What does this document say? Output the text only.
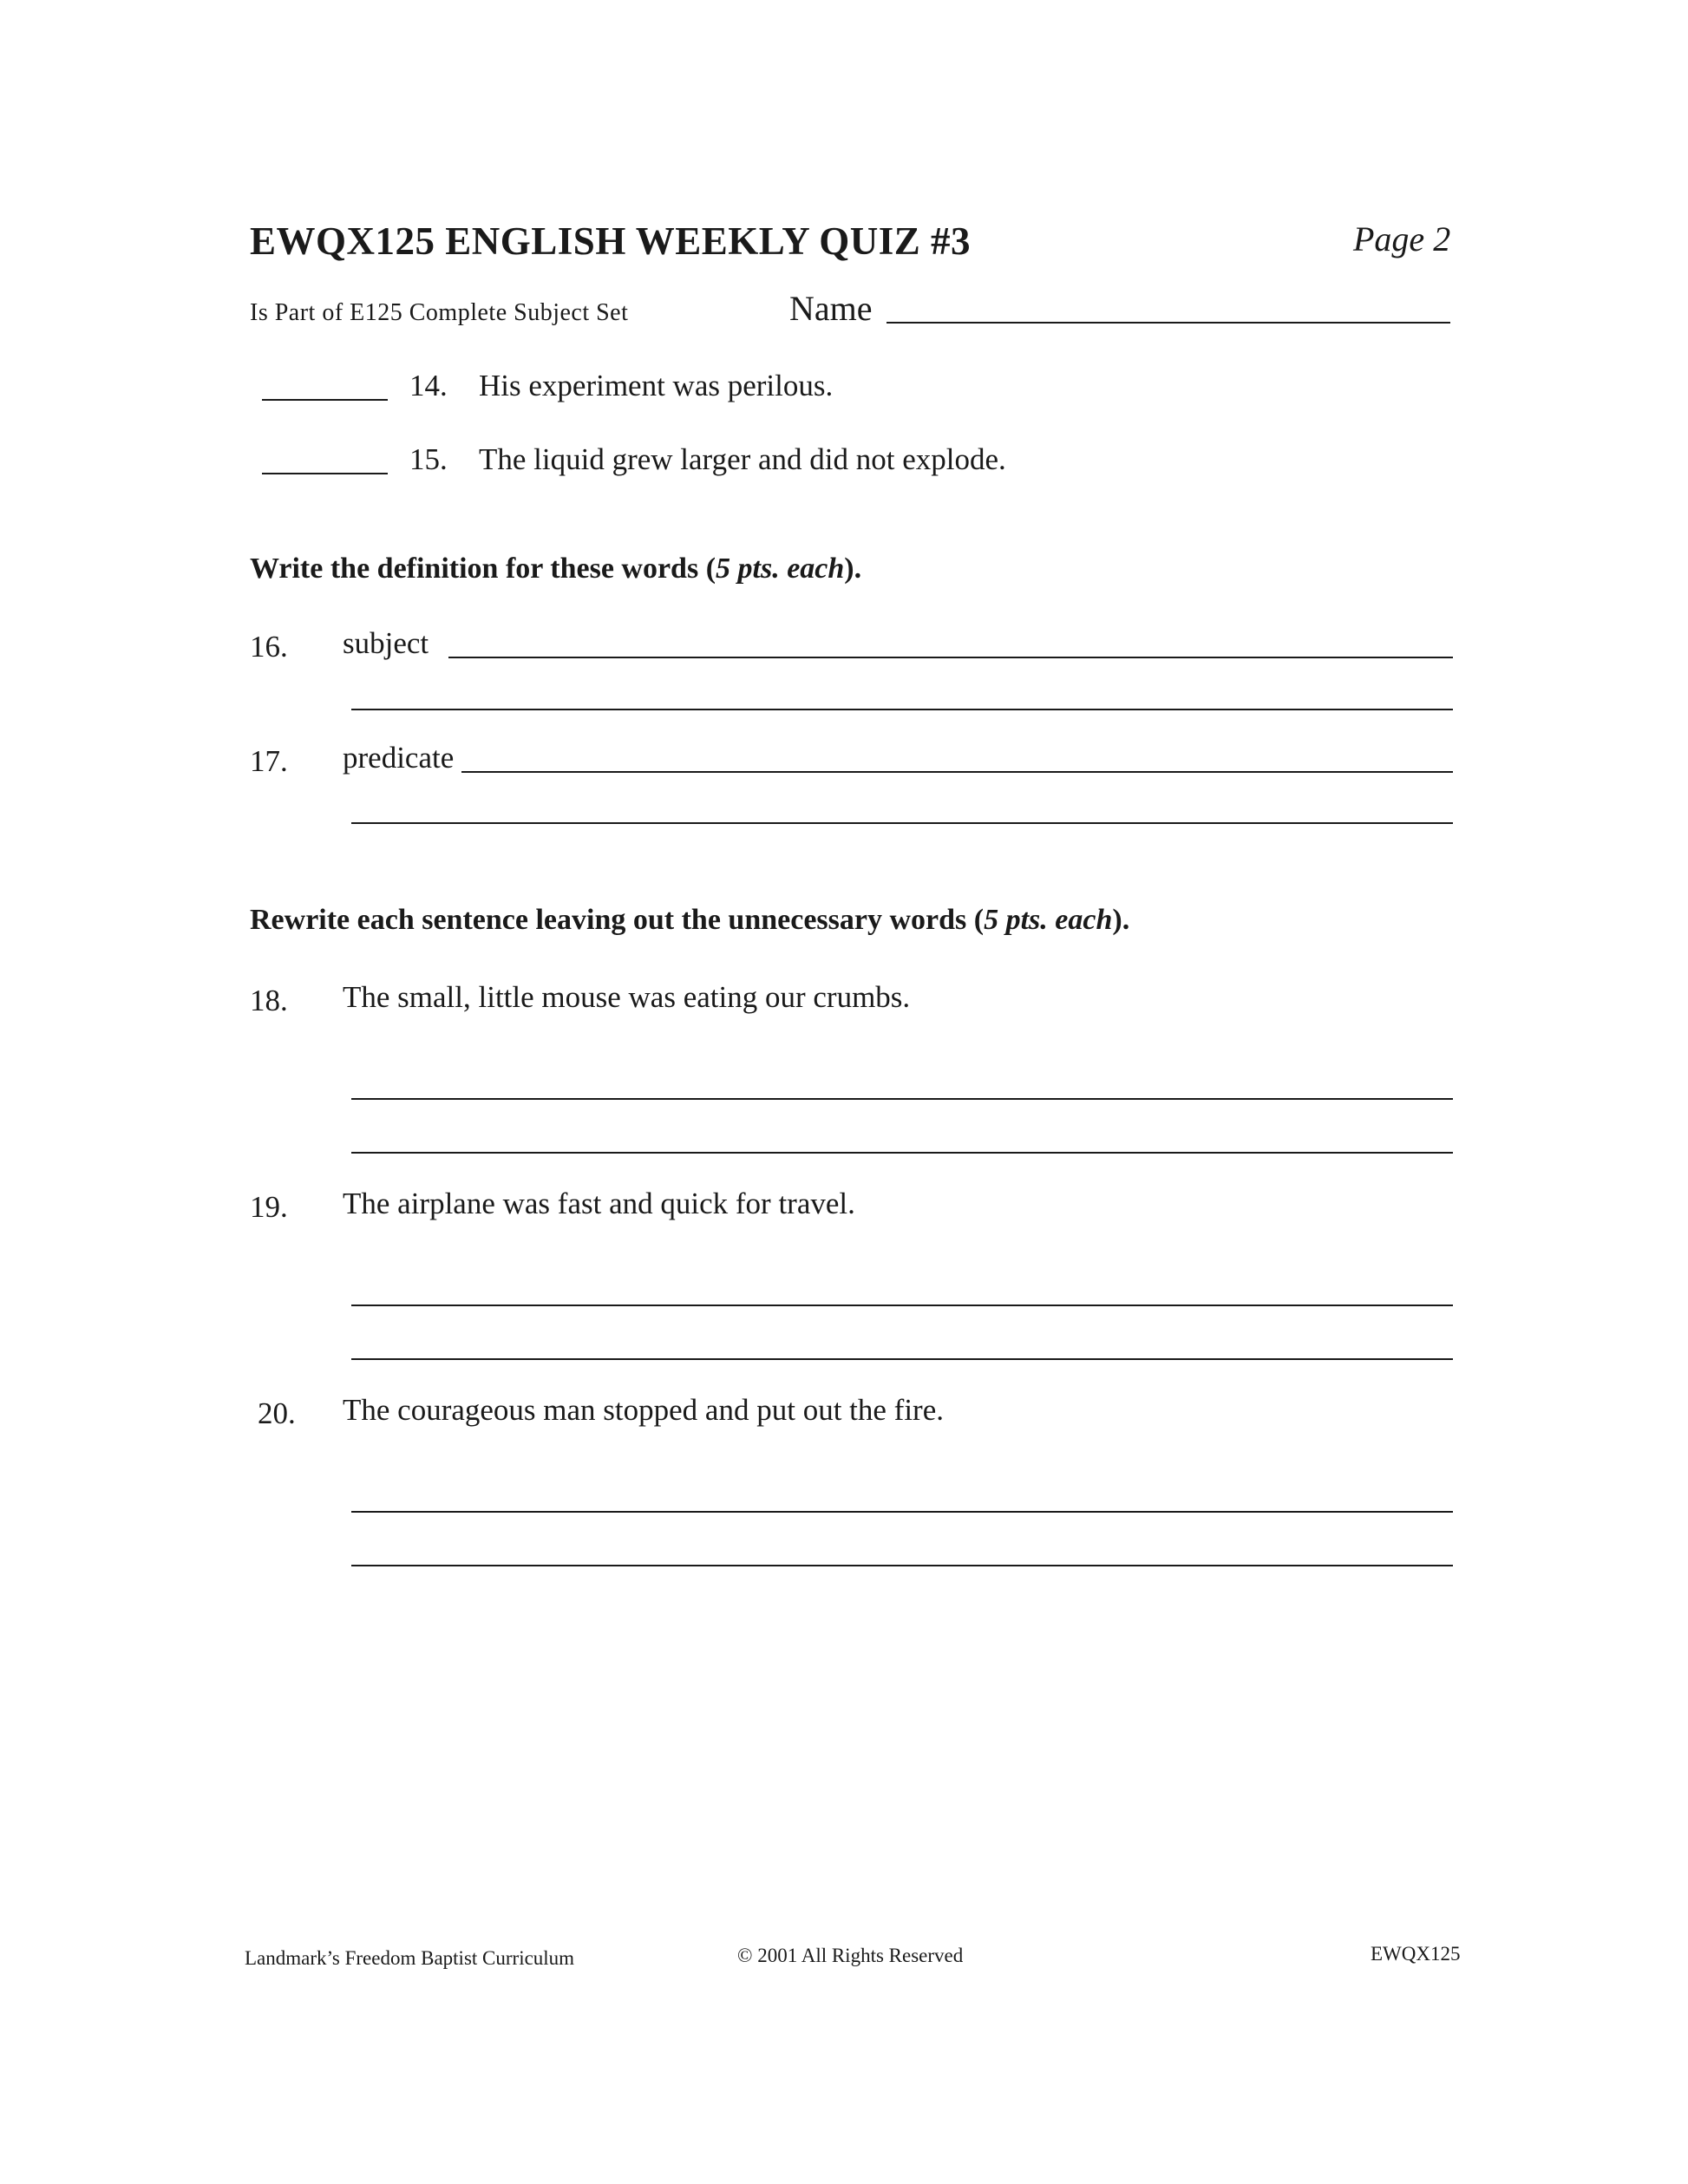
EWQX125 ENGLISH WEEKLY QUIZ #3	Page 2
Is Part of E125 Complete Subject Set	Name
14. His experiment was perilous.
15. The liquid grew larger and did not explode.
Write the definition for these words (5 pts. each).
16. subject
17. predicate
Rewrite each sentence leaving out the unnecessary words (5 pts. each).
18. The small, little mouse was eating our crumbs.
19. The airplane was fast and quick for travel.
20. The courageous man stopped and put out the fire.
Landmark’s Freedom Baptist Curriculum	© 2001 All Rights Reserved	EWQX125
